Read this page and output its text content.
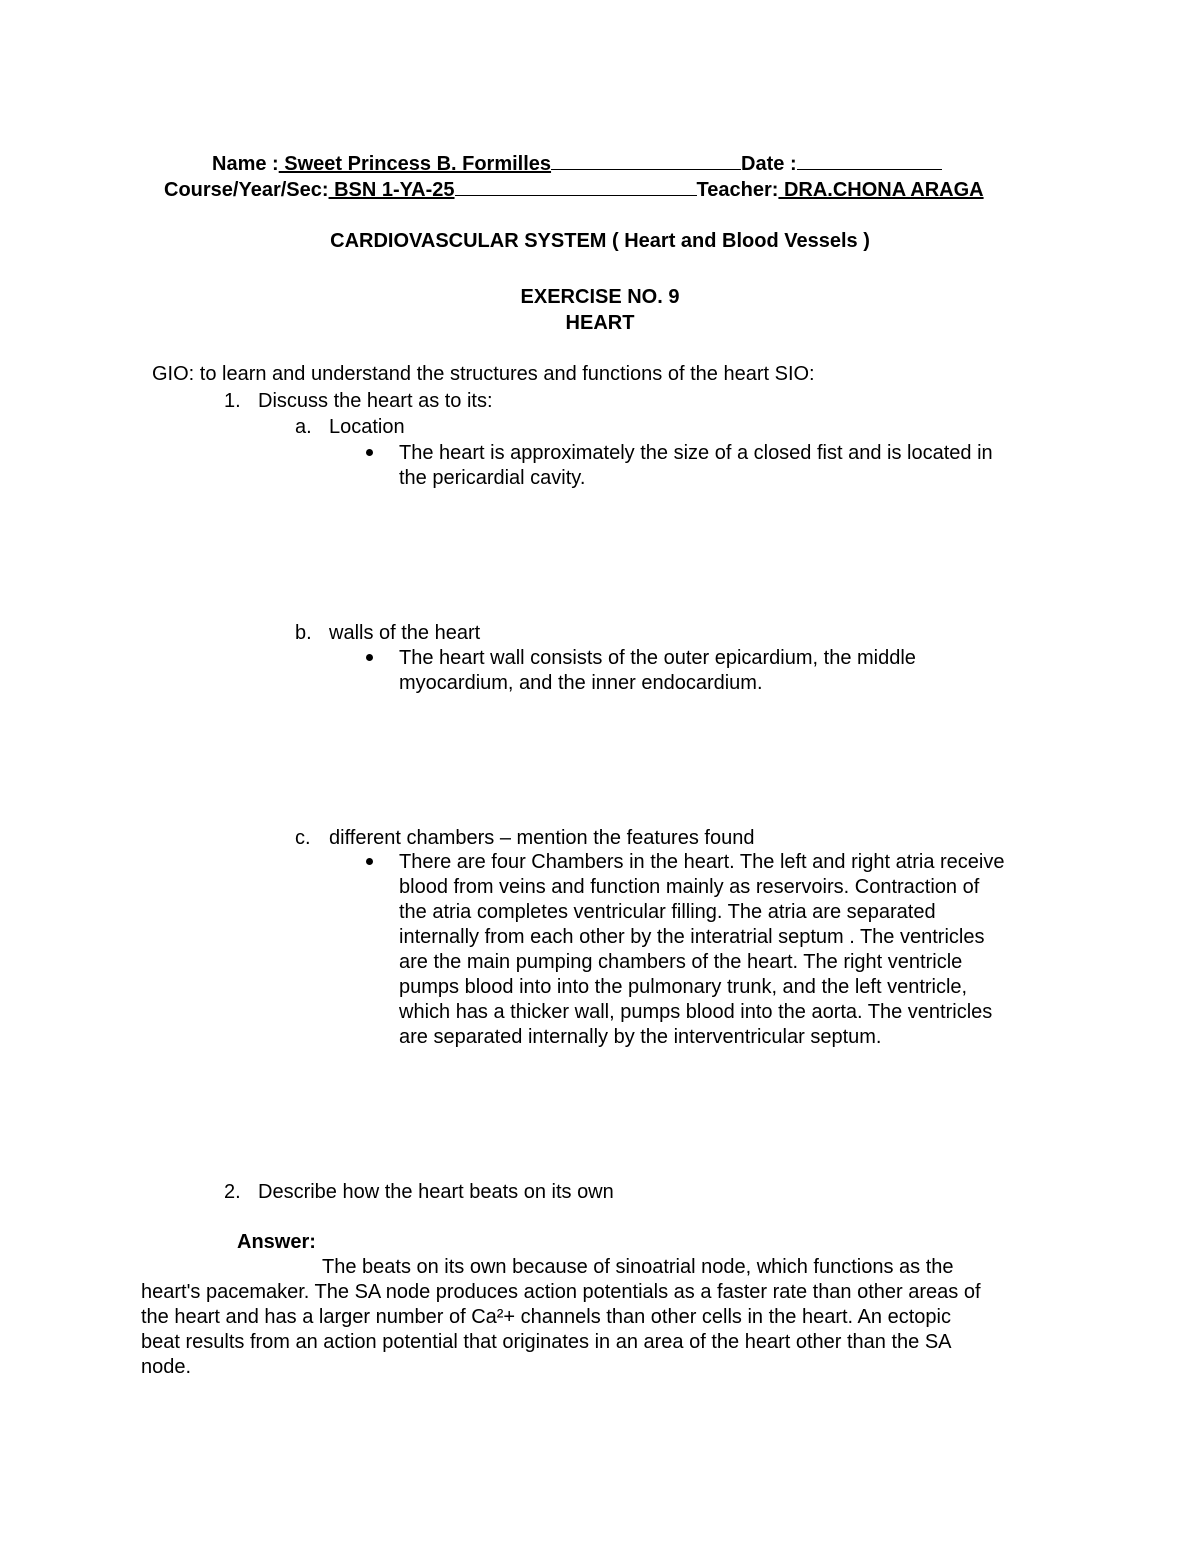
Name : Sweet Princess B. Formilles	Date :
Course/Year/Sec: BSN 1-YA-25	Teacher: DRA.CHONA ARAGA
CARDIOVASCULAR SYSTEM ( Heart and Blood Vessels )
EXERCISE NO. 9
HEART
GIO: to learn and understand the structures and functions of the heart SIO:
1. Discuss the heart as to its:
a. Location
The heart is approximately the size of a closed fist and is located in
the pericardial cavity.
b. walls of the heart
The heart wall consists of the outer epicardium, the middle
myocardium, and the inner endocardium.
c. different chambers – mention the features found
There are four Chambers in the heart. The left and right atria receive
blood from veins and function mainly as reservoirs. Contraction of
the atria completes ventricular filling. The atria are separated
internally from each other by the interatrial septum . The ventricles
are the main pumping chambers of the heart. The right ventricle
pumps blood into into the pulmonary trunk, and the left ventricle,
which has a thicker wall, pumps blood into the aorta. The ventricles
are separated internally by the interventricular septum.
2. Describe how the heart beats on its own
Answer:
The beats on its own because of sinoatrial node, which functions as the
heart's pacemaker. The SA node produces action potentials as a faster rate than other areas of
the heart and has a larger number of Ca²+ channels than other cells in the heart. An ectopic
beat results from an action potential that originates in an area of the heart other than the SA
node.
